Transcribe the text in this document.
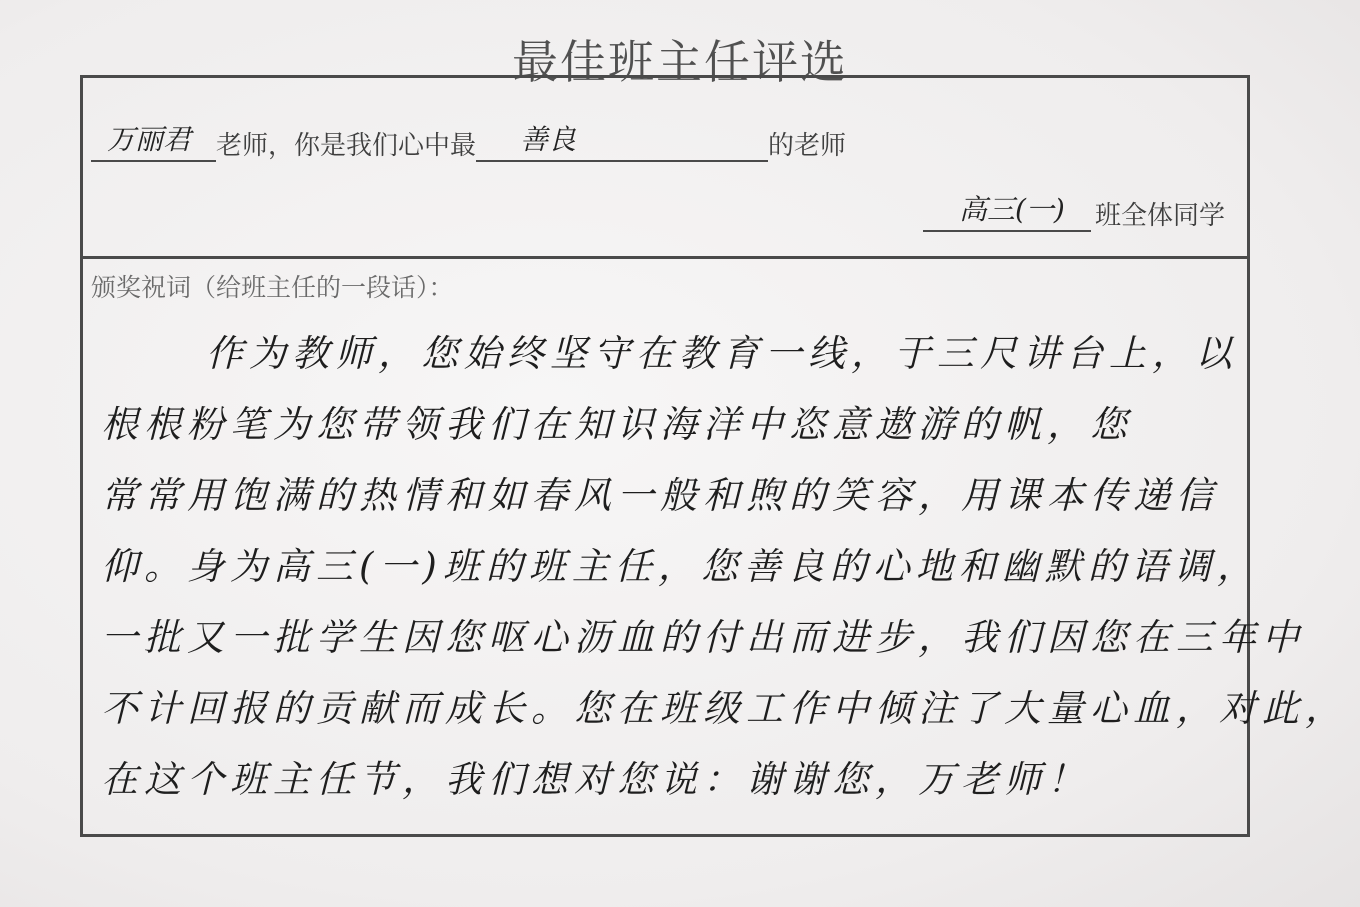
最佳班主任评选
万丽君 老师，你是我们心中最	善良	的老师
高三(一)	班全体同学
颁奖祝词（给班主任的一段话）：
作为教师，您始终坚守在教育一线，于三尺讲台上，以
根根粉笔为您带领我们在知识海洋中恣意遨游的帆，您
常常用饱满的热情和如春风一般和煦的笑容，用课本传递信
仰。身为高三(一)班的班主任，您善良的心地和幽默的语调，
一批又一批学生因您呕心沥血的付出而进步，我们因您在三年中
不计回报的贡献而成长。您在班级工作中倾注了大量心血，对此，
在这个班主任节，我们想对您说：谢谢您，万老师！
